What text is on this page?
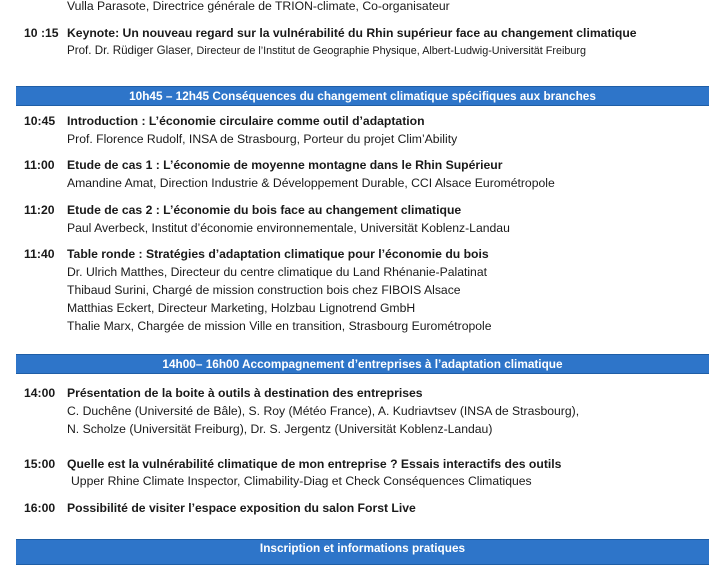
Vulla Parasote, Directrice générale de TRION-climate, Co-organisateur
10 :15 Keynote: Un nouveau regard sur la vulnérabilité du Rhin supérieur face au changement climatique
Prof. Dr. Rüdiger Glaser, Directeur de l’Institut de Geographie Physique, Albert-Ludwig-Universität Freiburg
10h45 – 12h45 Conséquences du changement climatique spécifiques aux branches
10:45 Introduction : L’économie circulaire comme outil d’adaptation
Prof. Florence Rudolf, INSA de Strasbourg, Porteur du projet Clim’Ability
11:00 Etude de cas 1 : L’économie de moyenne montagne dans le Rhin Supérieur
Amandine Amat, Direction Industrie & Développement Durable, CCI Alsace Eurométropole
11:20 Etude de cas 2 : L’économie du bois face au changement climatique
Paul Averbeck, Institut d’économie environnementale, Universität Koblenz-Landau
11:40 Table ronde : Stratégies d’adaptation climatique pour l’économie du bois
Dr. Ulrich Matthes, Directeur du centre climatique du Land Rhénanie-Palatinat
Thibaud Surini, Chargé de mission construction bois chez FIBOIS Alsace
Matthias Eckert, Directeur Marketing, Holzbau Lignotrend GmbH
Thalie Marx, Chargée de mission Ville en transition, Strasbourg Eurométropole
14h00– 16h00 Accompagnement d’entreprises à l’adaptation climatique
14:00 Présentation de la boite à outils à destination des entreprises
C. Duchêne (Université de Bâle), S. Roy (Météo France), A. Kudriavtsev (INSA de Strasbourg),
N. Scholze (Universität Freiburg), Dr. S. Jergentz (Universität Koblenz-Landau)
15:00 Quelle est la vulnérabilité climatique de mon entreprise ? Essais interactifs des outils
Upper Rhine Climate Inspector, Climability-Diag et Check Conséquences Climatiques
16:00 Possibilité de visiter l’espace exposition du salon Forst Live
Inscription et informations pratiques
